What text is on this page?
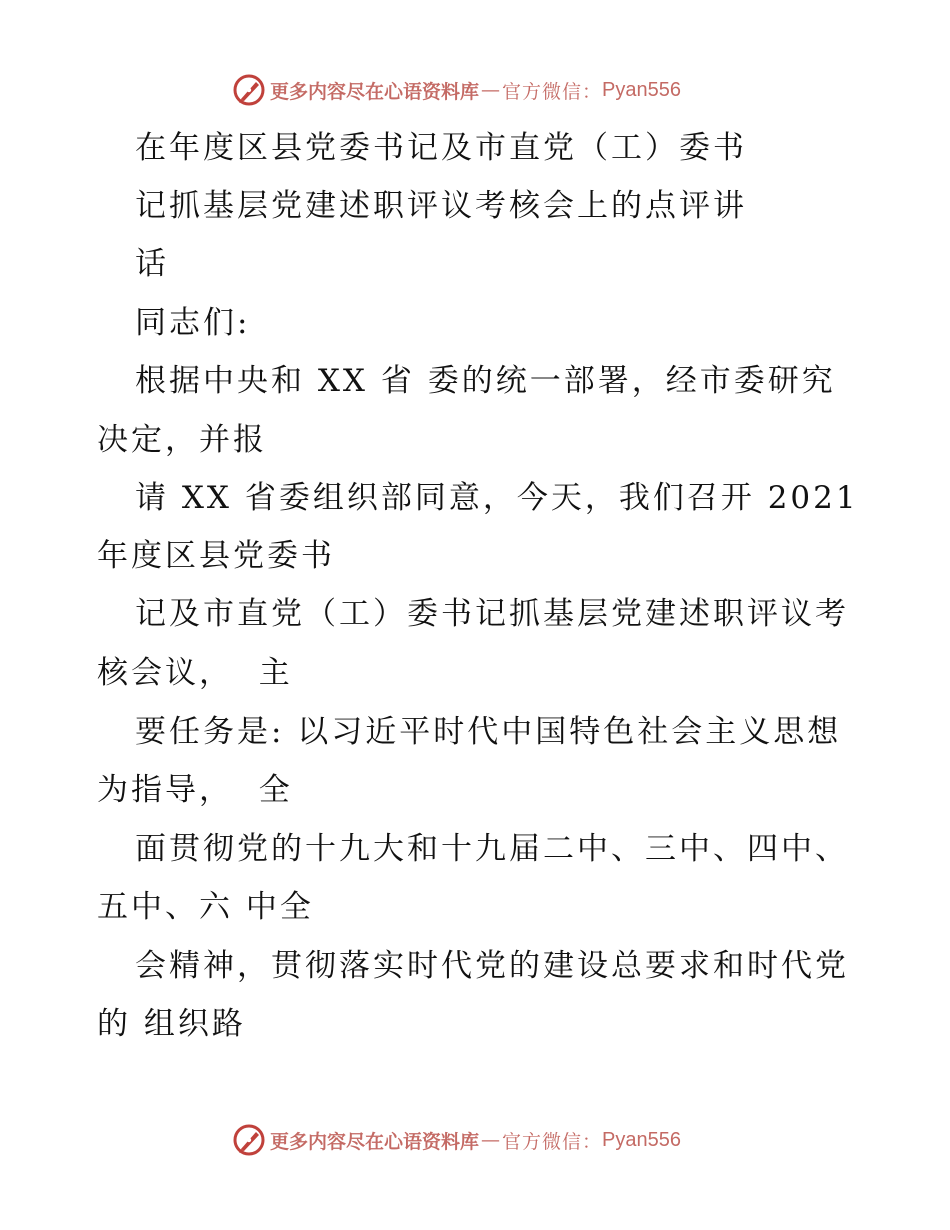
更多内容尽在心语资料库 — 官方微信： Pyan556
在年度区县党委书记及市直党（工）委书
记抓基层党建述职评议考核会上的点评讲
话
同志们:
根据中央和 XX 省 委的统一部署，经市委研究
决定，并报
请 XX 省委组织部同意，今天，我们召开 2021
年度区县党委书
记及市直党（工）委书记抓基层党建述职评议考
核会议，  主
要任务是: 以习近平时代中国特色社会主义思想
为指导，  全
面贯彻党的十九大和十九届二中、三中、四中、
五中、六 中全
会精神，贯彻落实时代党的建设总要求和时代党
的 组织路
更多内容尽在心语资料库 — 官方微信： Pyan556
